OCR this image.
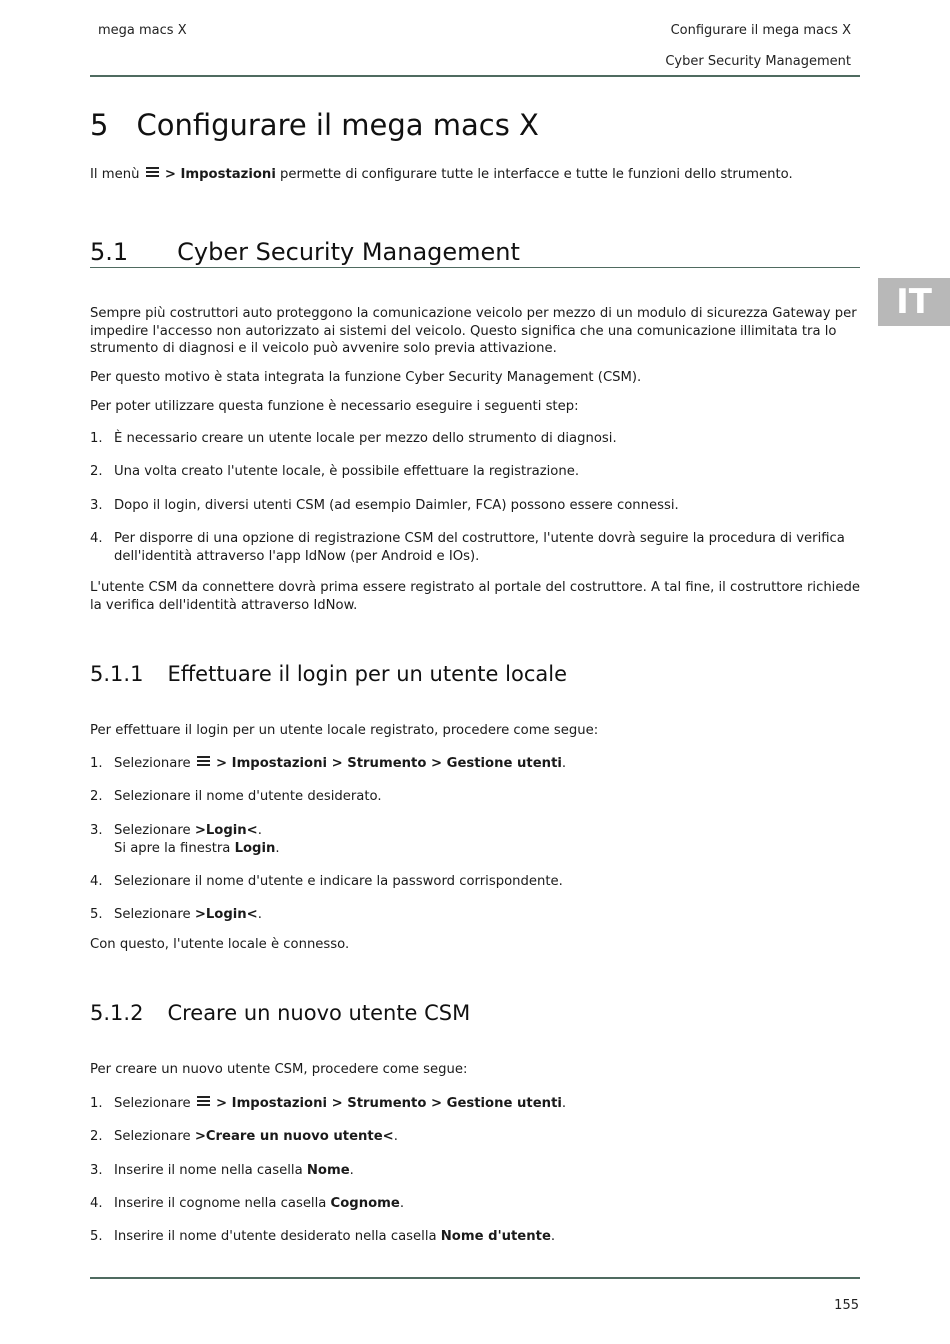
mega macs X	Configurare il mega macs X
Cyber Security Management
IT
5 Configurare il mega macs X

Il menù > Impostazioni permette di configurare tutte le interfacce e tutte le funzioni dello strumento.

5.1 Cyber Security Management

Sempre più costruttori auto proteggono la comunicazione veicolo per mezzo di un modulo di sicurezza Gateway per impedire l'accesso non autorizzato ai sistemi del veicolo. Questo significa che una comunicazione illimitata tra lo strumento di diagnosi e il veicolo può avvenire solo previa attivazione.

Per questo motivo è stata integrata la funzione Cyber Security Management (CSM).

Per poter utilizzare questa funzione è necessario eseguire i seguenti step:

1. È necessario creare un utente locale per mezzo dello strumento di diagnosi.
2. Una volta creato l'utente locale, è possibile effettuare la registrazione.
3. Dopo il login, diversi utenti CSM (ad esempio Daimler, FCA) possono essere connessi.
4. Per disporre di una opzione di registrazione CSM del costruttore, l'utente dovrà seguire la procedura di verifica dell'identità attraverso l'app IdNow (per Android e IOs).

L'utente CSM da connettere dovrà prima essere registrato al portale del costruttore. A tal fine, il costruttore richiede la verifica dell'identità attraverso IdNow.

5.1.1 Effettuare il login per un utente locale

Per effettuare il login per un utente locale registrato, procedere come segue:

1. Selezionare > Impostazioni > Strumento > Gestione utenti.
2. Selezionare il nome d'utente desiderato.
3. Selezionare >Login<.
Si apre la finestra Login.
4. Selezionare il nome d'utente e indicare la password corrispondente.
5. Selezionare >Login<.

Con questo, l'utente locale è connesso.

5.1.2 Creare un nuovo utente CSM

Per creare un nuovo utente CSM, procedere come segue:

1. Selezionare > Impostazioni > Strumento > Gestione utenti.
2. Selezionare >Creare un nuovo utente<.
3. Inserire il nome nella casella Nome.
4. Inserire il cognome nella casella Cognome.
5. Inserire il nome d'utente desiderato nella casella Nome d'utente.
155
